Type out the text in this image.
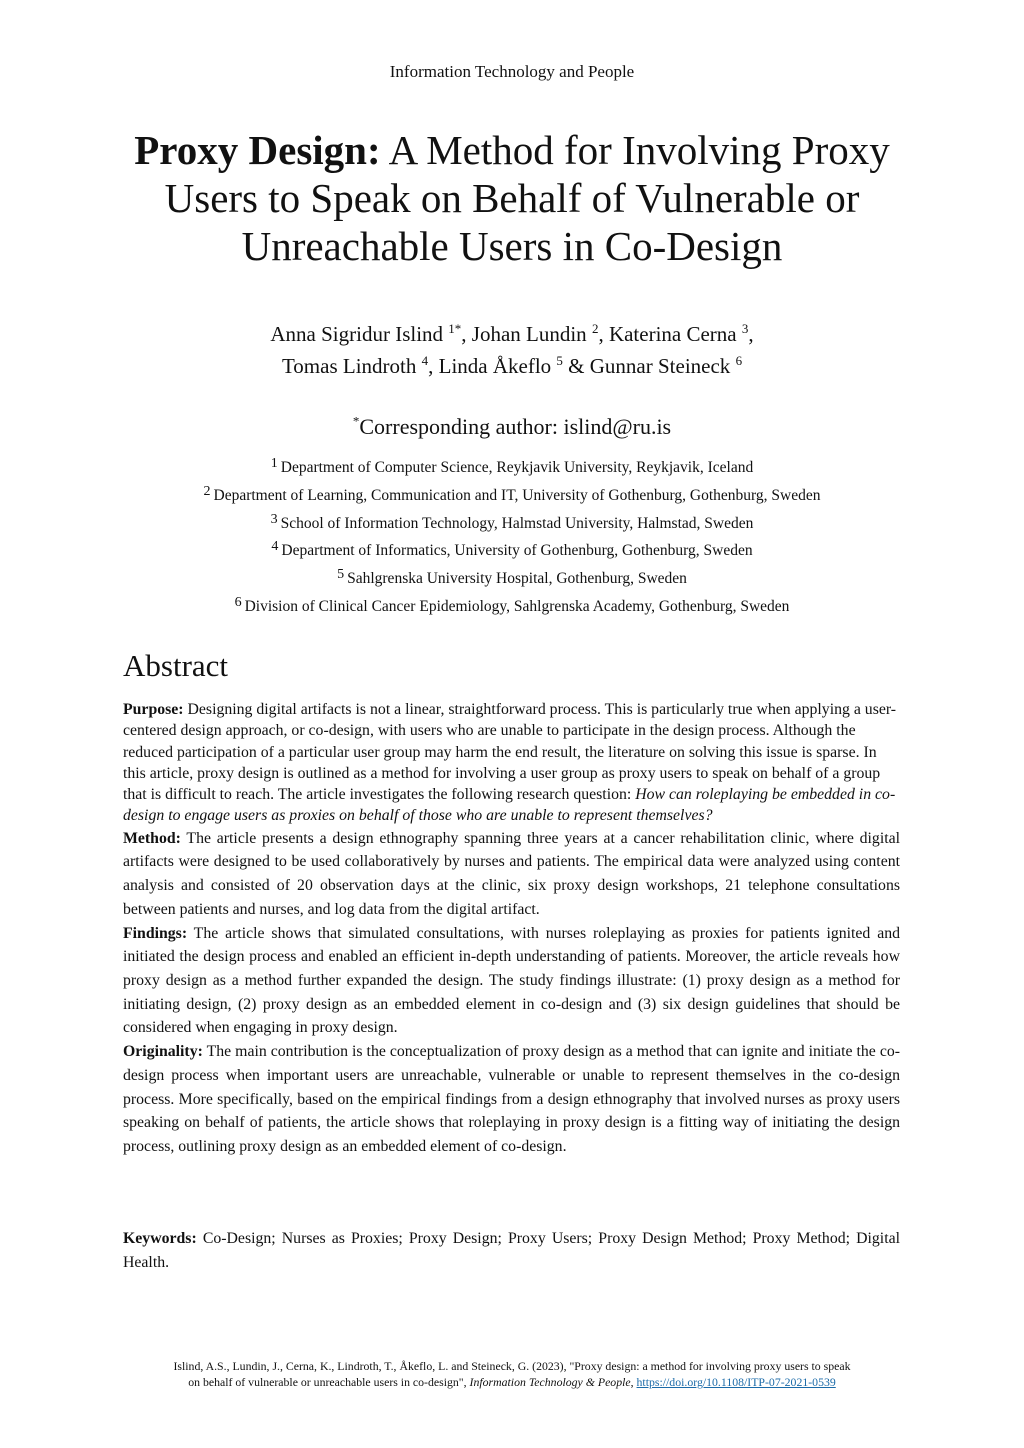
Information Technology and People
Proxy Design: A Method for Involving Proxy Users to Speak on Behalf of Vulnerable or Unreachable Users in Co-Design
Anna Sigridur Islind $^{1*}$, Johan Lundin $^2$, Katerina Cerna $^3$,
Tomas Lindroth $^4$, Linda Åkeflo $^5$ & Gunnar Steineck $^6$
*Corresponding author: islind@ru.is
$^1$ Department of Computer Science, Reykjavik University, Reykjavik, Iceland
$^2$ Department of Learning, Communication and IT, University of Gothenburg, Gothenburg, Sweden
$^3$ School of Information Technology, Halmstad University, Halmstad, Sweden
$^4$ Department of Informatics, University of Gothenburg, Gothenburg, Sweden
$^5$ Sahlgrenska University Hospital, Gothenburg, Sweden
$^6$ Division of Clinical Cancer Epidemiology, Sahlgrenska Academy, Gothenburg, Sweden
Abstract

Purpose: Designing digital artifacts is not a linear, straightforward process. This is particularly true when applying a user-centered design approach, or co-design, with users who are unable to participate in the design process. Although the reduced participation of a particular user group may harm the end result, the literature on solving this issue is sparse. In this article, proxy design is outlined as a method for involving a user group as proxy users to speak on behalf of a group that is difficult to reach. The article investigates the following research question: How can roleplaying be embedded in co-design to engage users as proxies on behalf of those who are unable to represent themselves?

Method: The article presents a design ethnography spanning three years at a cancer rehabilitation clinic, where digital artifacts were designed to be used collaboratively by nurses and patients. The empirical data were analyzed using content analysis and consisted of 20 observation days at the clinic, six proxy design workshops, 21 telephone consultations between patients and nurses, and log data from the digital artifact.

Findings: The article shows that simulated consultations, with nurses roleplaying as proxies for patients ignited and initiated the design process and enabled an efficient in-depth understanding of patients. Moreover, the article reveals how proxy design as a method further expanded the design. The study findings illustrate: (1) proxy design as a method for initiating design, (2) proxy design as an embedded element in co-design and (3) six design guidelines that should be considered when engaging in proxy design.

Originality: The main contribution is the conceptualization of proxy design as a method that can ignite and initiate the co-design process when important users are unreachable, vulnerable or unable to represent themselves in the co-design process. More specifically, based on the empirical findings from a design ethnography that involved nurses as proxy users speaking on behalf of patients, the article shows that roleplaying in proxy design is a fitting way of initiating the design process, outlining proxy design as an embedded element of co-design.

Keywords: Co-Design; Nurses as Proxies; Proxy Design; Proxy Users; Proxy Design Method; Proxy Method; Digital Health.
Islind, A.S., Lundin, J., Cerna, K., Lindroth, T., Åkeflo, L. and Steineck, G. (2023), "Proxy design: a method for involving proxy users to speak
on behalf of vulnerable or unreachable users in co-design", Information Technology & People, https://doi.org/10.1108/ITP-07-2021-0539
